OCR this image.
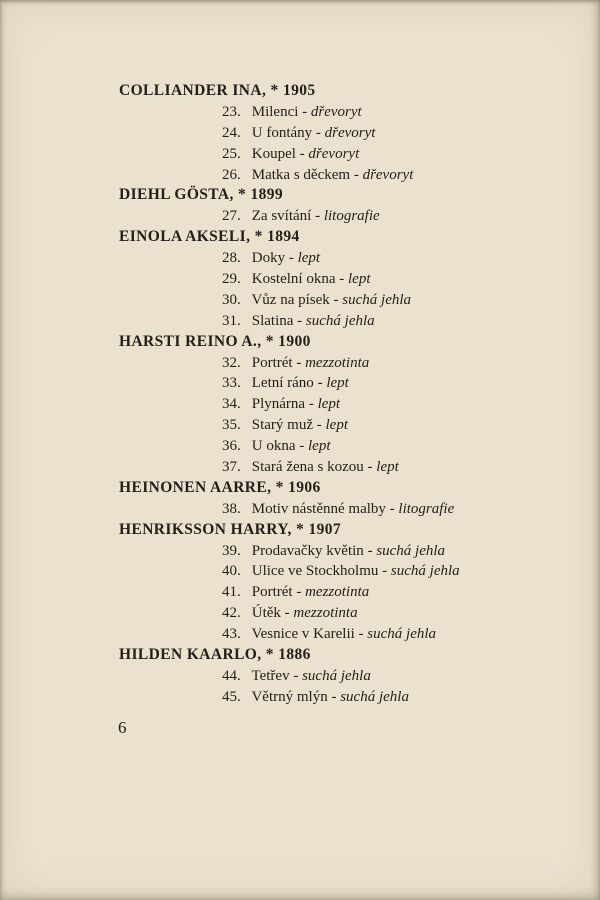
COLLIANDER INA, * 1905
23. Milenci - dřevoryt
24. U fontány - dřevoryt
25. Koupel - dřevoryt
26. Matka s děckem - dřevoryt
DIEHL GÖSTA, * 1899
27. Za svítání - litografie
EINOLA AKSELI, * 1894
28. Doky - lept
29. Kostelní okna - lept
30. Vůz na písek - suchá jehla
31. Slatina - suchá jehla
HARSTI REINO A., * 1900
32. Portrét - mezzotinta
33. Letní ráno - lept
34. Plynárna - lept
35. Starý muž - lept
36. U okna - lept
37. Stará žena s kozou - lept
HEINONEN AARRE, * 1906
38. Motiv nástěnné malby - litografie
HENRIKSSON HARRY, * 1907
39. Prodavačky květin - suchá jehla
40. Ulice ve Stockholmu - suchá jehla
41. Portrét - mezzotinta
42. Útěk - mezzotinta
43. Vesnice v Karelii - suchá jehla
HILDEN KAARLO, * 1886
44. Tetřev - suchá jehla
45. Větrný mlýn - suchá jehla
6
